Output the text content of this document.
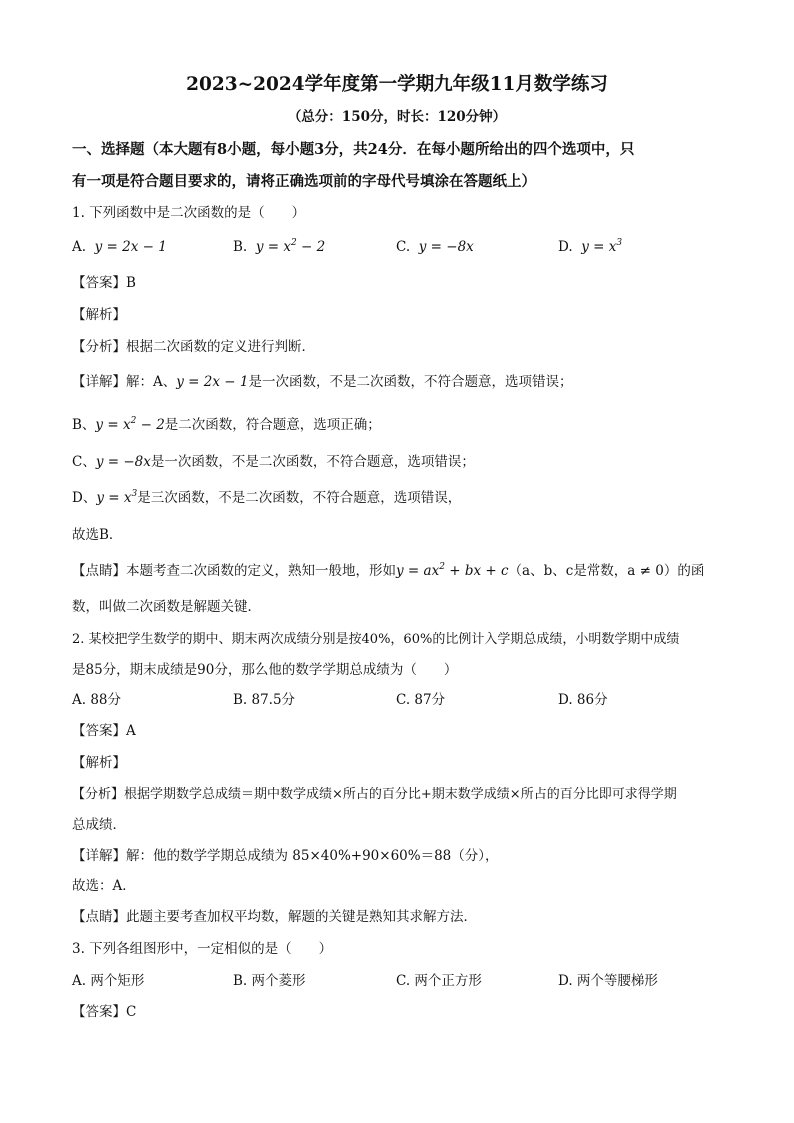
2023~2024学年度第一学期九年级11月数学练习
（总分：150分，时长：120分钟）
一、选择题（本大题有8小题，每小题3分，共24分．在每小题所给出的四个选项中，只
有一项是符合题目要求的，请将正确选项前的字母代号填涂在答题纸上）
1. 下列函数中是二次函数的是（　　）
A. y = 2x − 1	B. $y = x^2 - 2$	C. y = −8x	D. $y = x^3$
【答案】B
【解析】
【分析】根据二次函数的定义进行判断．
【详解】解：A、y = 2x − 1是一次函数，不是二次函数，不符合题意，选项错误；
B、$y = x^2 - 2$是二次函数，符合题意，选项正确；
C、y = −8x是一次函数，不是二次函数，不符合题意，选项错误；
D、$y = x^3$是三次函数，不是二次函数，不符合题意，选项错误，
故选B．
【点睛】本题考查二次函数的定义，熟知一般地，形如$y = ax^2$ + bx + c（a、b、c是常数，a ≠ 0）的函
数，叫做二次函数是解题关键．
2. 某校把学生数学的期中、期末两次成绩分别是按40%，60%的比例计入学期总成绩，小明数学期中成绩
是85分，期末成绩是90分，那么他的数学学期总成绩为（　　）
A. 88分	B. 87.5分	C. 87分	D. 86分
【答案】A
【解析】
【分析】根据学期数学总成绩＝期中数学成绩×所占的百分比+期末数学成绩×所占的百分比即可求得学期
总成绩．
【详解】解：他的数学学期总成绩为 85×40%+90×60%＝88（分），
故选：A．
【点睛】此题主要考查加权平均数，解题的关键是熟知其求解方法．
3. 下列各组图形中，一定相似的是（　　）
A. 两个矩形	B. 两个菱形	C. 两个正方形	D. 两个等腰梯形
【答案】C
